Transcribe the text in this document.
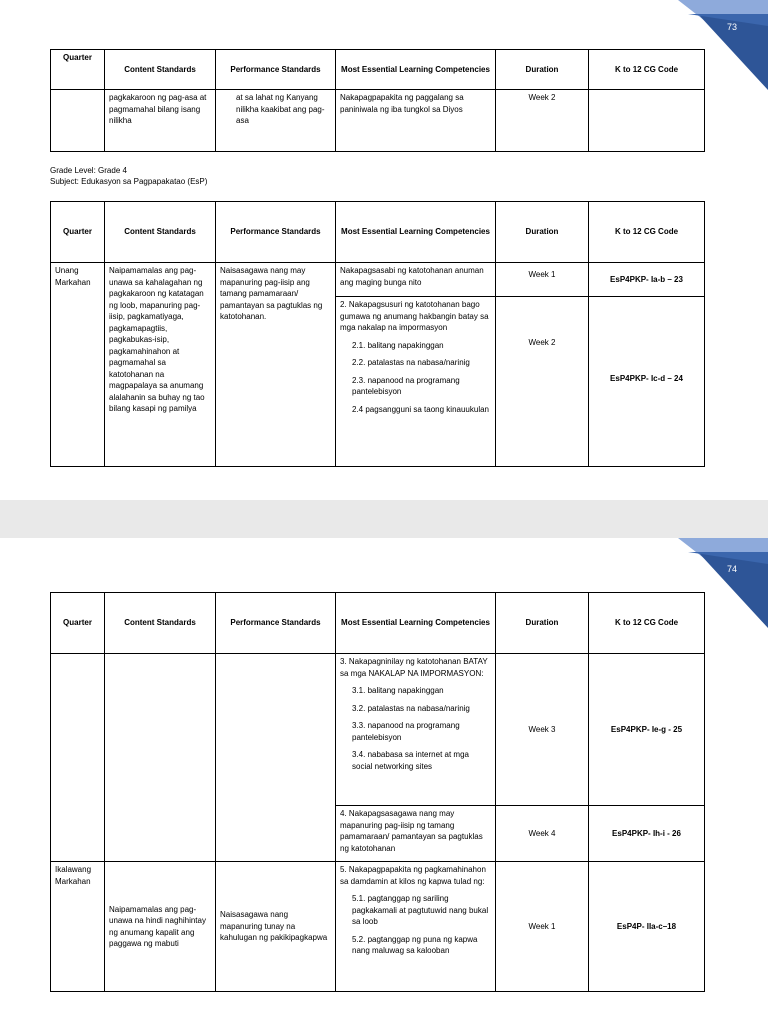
73
Quarter	Content Standards	Performance Standards	Most Essential Learning Competencies	Duration	K to 12 CG Code
	pagkakaroon ng pag-asa at pagmamahal bilang isang nilikha	at sa lahat ng Kanyang nilikha kaakibat ang pag-asa	Nakapagpapakita ng paggalang sa paniniwala ng iba tungkol sa Diyos	Week 2	
Grade Level: Grade 4
Subject: Edukasyon sa Pagpapakatao (EsP)
Quarter	Content Standards	Performance Standards	Most Essential Learning Competencies	Duration	K to 12 CG Code
Unang Markahan	Naipamamalas ang pag-unawa sa kahalagahan ng pagkakaroon ng katatagan ng loob, mapanuring pag-iisip, pagkamatiyaga, pagkamapagtiis, pagkabukas-isip, pagkamahinahon at pagmamahal sa katotohanan na magpapalaya sa anumang alalahanin sa buhay ng tao bilang kasapi ng pamilya	Naisasagawa nang may mapanuring pag-iisip ang tamang pamamaraan/ pamantayan sa pagtuklas ng katotohanan.	Nakapagsasabi ng katotohanan anuman ang maging bunga nito	Week 1	EsP4PKP- Ia-b – 23

			2. Nakapagsusuri ng katotohanan bago gumawa ng anumang hakbangin batay sa mga nakalap na impormasyon
2.1. balitang napakinggan
2.2. patalastas na nabasa/narinig
2.3. napanood na programang pantelebisyon
2.4 pagsangguni sa taong kinauukulan	Week 2	EsP4PKP- Ic-d – 24
74
Quarter	Content Standards	Performance Standards	Most Essential Learning Competencies	Duration	K to 12 CG Code

			3. Nakapagninilay ng katotohanan BATAY sa mga NAKALAP NA IMPORMASYON:
3.1. balitang napakinggan
3.2. patalastas na nabasa/narinig
3.3. napanood na programang pantelebisyon
3.4. nababasa sa internet at mga social networking sites	Week 3	EsP4PKP- Ie-g - 25
			4. Nakapagsasagawa nang may mapanuring pag-iisip ng tamang pamamaraan/ pamantayan sa pagtuklas ng katotohanan	Week 4	EsP4PKP- Ih-i - 26
Ikalawang Markahan	Naipamamalas ang pag-unawa na hindi naghihintay ng anumang kapalit ang paggawa ng mabuti	Naisasagawa nang mapanuring tunay na kahulugan ng pakikipagkapwa	5. Nakapagpapakita ng pagkamahinahon sa damdamin at kilos ng kapwa tulad ng:
5.1. pagtanggap ng sariling pagkakamali at pagtutuwid nang bukal sa loob
5.2. pagtanggap ng puna ng kapwa nang maluwag sa kalooban	Week 1	EsP4P- IIa-c–18
